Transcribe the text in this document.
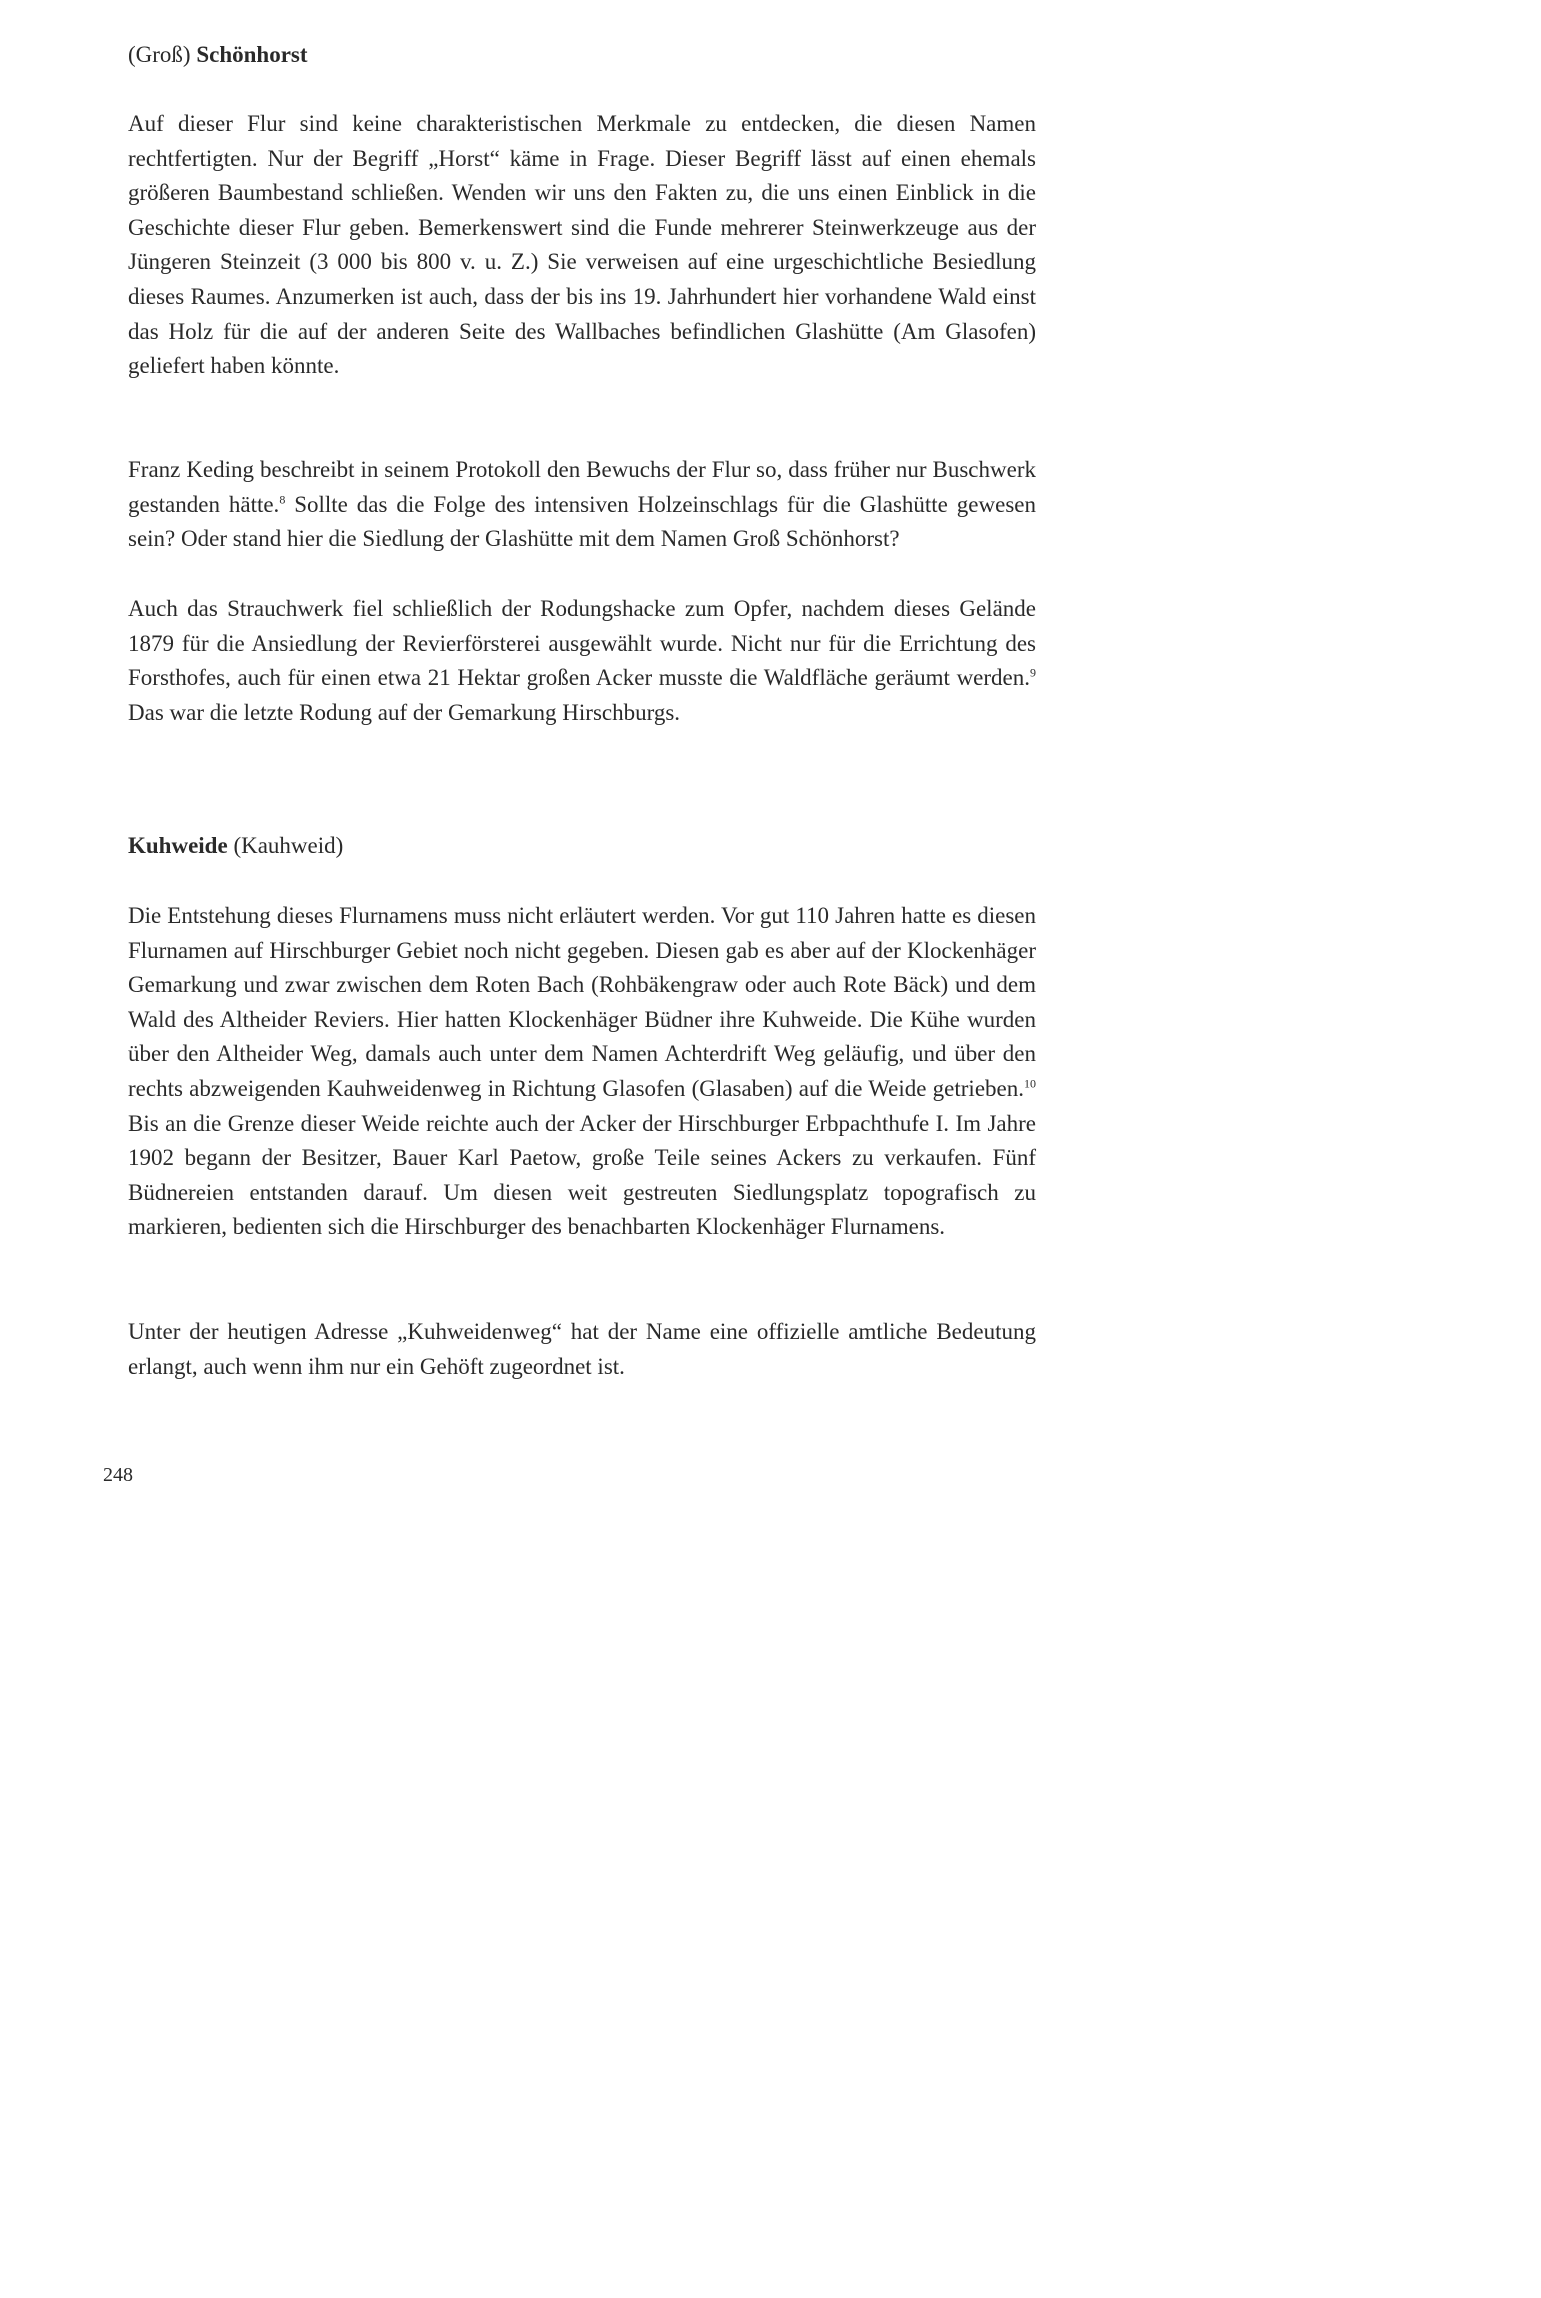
(Groß) Schönhorst

Auf dieser Flur sind keine charakteristischen Merkmale zu entdecken, die diesen Namen rechtfertigten. Nur der Begriff „Horst“ käme in Frage. Dieser Begriff lässt auf einen ehemals größeren Baumbestand schließen. Wenden wir uns den Fakten zu, die uns einen Einblick in die Geschichte dieser Flur geben. Bemerkenswert sind die Funde mehrerer Steinwerkzeuge aus der Jüngeren Steinzeit (3 000 bis 800 v. u. Z.) Sie verweisen auf eine urgeschichtliche Besiedlung dieses Raumes. Anzumerken ist auch, dass der bis ins 19. Jahrhundert hier vorhandene Wald einst das Holz für die auf der anderen Seite des Wallbaches befindlichen Glashütte (Am Glasofen) geliefert haben könnte.

Franz Keding beschreibt in seinem Protokoll den Bewuchs der Flur so, dass früher nur Buschwerk gestanden hätte.$^8$ Sollte das die Folge des intensiven Holzeinschlags für die Glashütte gewesen sein? Oder stand hier die Siedlung der Glashütte mit dem Namen Groß Schönhorst?

Auch das Strauchwerk fiel schließlich der Rodungshacke zum Opfer, nachdem dieses Gelände 1879 für die Ansiedlung der Revierförsterei ausgewählt wurde. Nicht nur für die Errichtung des Forsthofes, auch für einen etwa 21 Hektar großen Acker musste die Waldfläche geräumt werden.$^9$ Das war die letzte Rodung auf der Gemarkung Hirschburgs.

Kuhweide (Kauhweid)

Die Entstehung dieses Flurnamens muss nicht erläutert werden. Vor gut 110 Jahren hatte es diesen Flurnamen auf Hirschburger Gebiet noch nicht gegeben. Diesen gab es aber auf der Klockenhäger Gemarkung und zwar zwischen dem Roten Bach (Rohbäkengraw oder auch Rote Bäck) und dem Wald des Altheider Reviers. Hier hatten Klockenhäger Büdner ihre Kuhweide. Die Kühe wurden über den Altheider Weg, damals auch unter dem Namen Achterdrift Weg geläufig, und über den rechts abzweigenden Kauhweidenweg in Richtung Glasofen (Glasaben) auf die Weide getrieben.$^{10}$ Bis an die Grenze dieser Weide reichte auch der Acker der Hirschburger Erbpachthufe I. Im Jahre 1902 begann der Besitzer, Bauer Karl Paetow, große Teile seines Ackers zu verkaufen. Fünf Büdnereien entstanden darauf. Um diesen weit gestreuten Siedlungsplatz topografisch zu markieren, bedienten sich die Hirschburger des benachbarten Klockenhäger Flurnamens.

Unter der heutigen Adresse „Kuhweidenweg“ hat der Name eine offizielle amtliche Bedeutung erlangt, auch wenn ihm nur ein Gehöft zugeordnet ist.

248
